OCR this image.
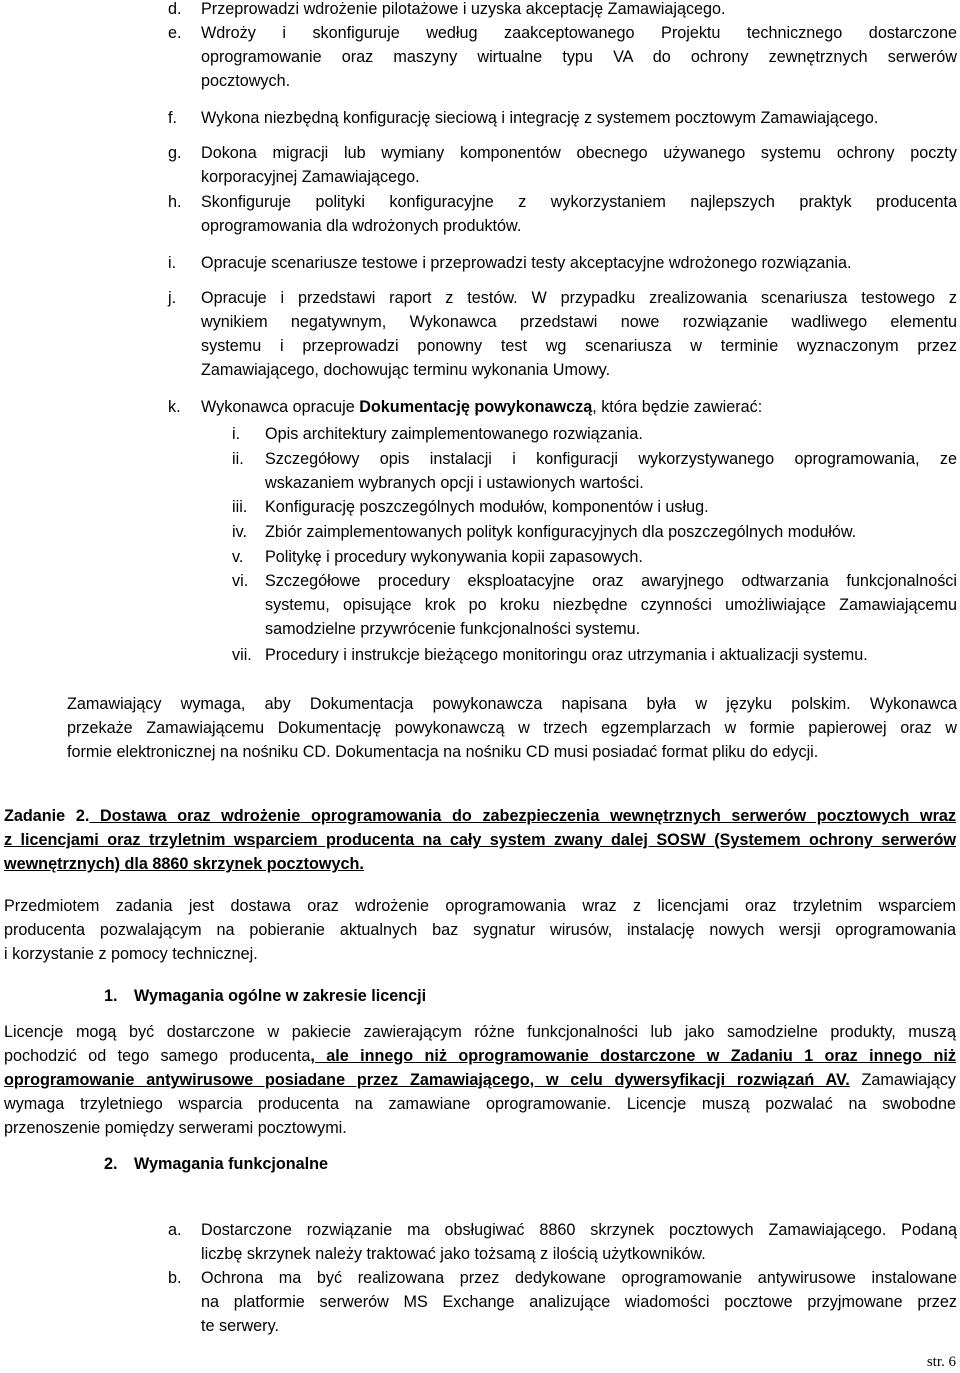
d. Przeprowadzi wdrożenie pilotażowe i uzyska akceptację Zamawiającego.
e. Wdroży i skonfiguruje według zaakceptowanego Projektu technicznego dostarczone
oprogramowanie oraz maszyny wirtualne typu VA do ochrony zewnętrznych serwerów
pocztowych.
f. Wykona niezbędną konfigurację sieciową i integrację z systemem pocztowym Zamawiającego.
g. Dokona migracji lub wymiany komponentów obecnego używanego systemu ochrony poczty
korporacyjnej Zamawiającego.
h. Skonfiguruje polityki konfiguracyjne z wykorzystaniem najlepszych praktyk producenta
oprogramowania dla wdrożonych produktów.
i. Opracuje scenariusze testowe i przeprowadzi testy akceptacyjne wdrożonego rozwiązania.
j. Opracuje i przedstawi raport z testów. W przypadku zrealizowania scenariusza testowego z
wynikiem negatywnym, Wykonawca przedstawi nowe rozwiązanie wadliwego elementu
systemu i przeprowadzi ponowny test wg scenariusza w terminie wyznaczonym przez
Zamawiającego, dochowując terminu wykonania Umowy.
k. Wykonawca opracuje Dokumentację powykonawczą, która będzie zawierać:
i. Opis architektury zaimplementowanego rozwiązania.
ii. Szczegółowy opis instalacji i konfiguracji wykorzystywanego oprogramowania, ze
wskazaniem wybranych opcji i ustawionych wartości.
iii. Konfigurację poszczególnych modułów, komponentów i usług.
iv. Zbiór zaimplementowanych polityk konfiguracyjnych dla poszczególnych modułów.
v. Politykę i procedury wykonywania kopii zapasowych.
vi. Szczegółowe procedury eksploatacyjne oraz awaryjnego odtwarzania funkcjonalności
systemu, opisujące krok po kroku niezbędne czynności umożliwiające Zamawiającemu
samodzielne przywrócenie funkcjonalności systemu.
vii. Procedury i instrukcje bieżącego monitoringu oraz utrzymania i aktualizacji systemu.
Zamawiający wymaga, aby Dokumentacja powykonawcza napisana była w języku polskim. Wykonawca
przekaże Zamawiającemu Dokumentację powykonawczą w trzech egzemplarzach w formie papierowej oraz w
formie elektronicznej na nośniku CD. Dokumentacja na nośniku CD musi posiadać format pliku do edycji.
Zadanie 2. Dostawa oraz wdrożenie oprogramowania do zabezpieczenia wewnętrznych serwerów pocztowych wraz
z licencjami oraz trzyletnim wsparciem producenta na cały system zwany dalej SOSW (Systemem ochrony serwerów
wewnętrznych) dla 8860 skrzynek pocztowych.
Przedmiotem zadania jest dostawa oraz wdrożenie oprogramowania wraz z licencjami oraz trzyletnim wsparciem
producenta pozwalającym na pobieranie aktualnych baz sygnatur wirusów, instalację nowych wersji oprogramowania
i korzystanie z pomocy technicznej.
1. Wymagania ogólne w zakresie licencji
Licencje mogą być dostarczone w pakiecie zawierającym różne funkcjonalności lub jako samodzielne produkty, muszą
pochodzić od tego samego producenta, ale innego niż oprogramowanie dostarczone w Zadaniu 1 oraz innego niż
oprogramowanie antywirusowe posiadane przez Zamawiającego, w celu dywersyfikacji rozwiązań AV. Zamawiający
wymaga trzyletniego wsparcia producenta na zamawiane oprogramowanie. Licencje muszą pozwalać na swobodne
przenoszenie pomiędzy serwerami pocztowymi.
2. Wymagania funkcjonalne
a. Dostarczone rozwiązanie ma obsługiwać 8860 skrzynek pocztowych Zamawiającego. Podaną
liczbę skrzynek należy traktować jako tożsamą z ilością użytkowników.
b. Ochrona ma być realizowana przez dedykowane oprogramowanie antywirusowe instalowane
na platformie serwerów MS Exchange analizujące wiadomości pocztowe przyjmowane przez
te serwery.
str. 6
